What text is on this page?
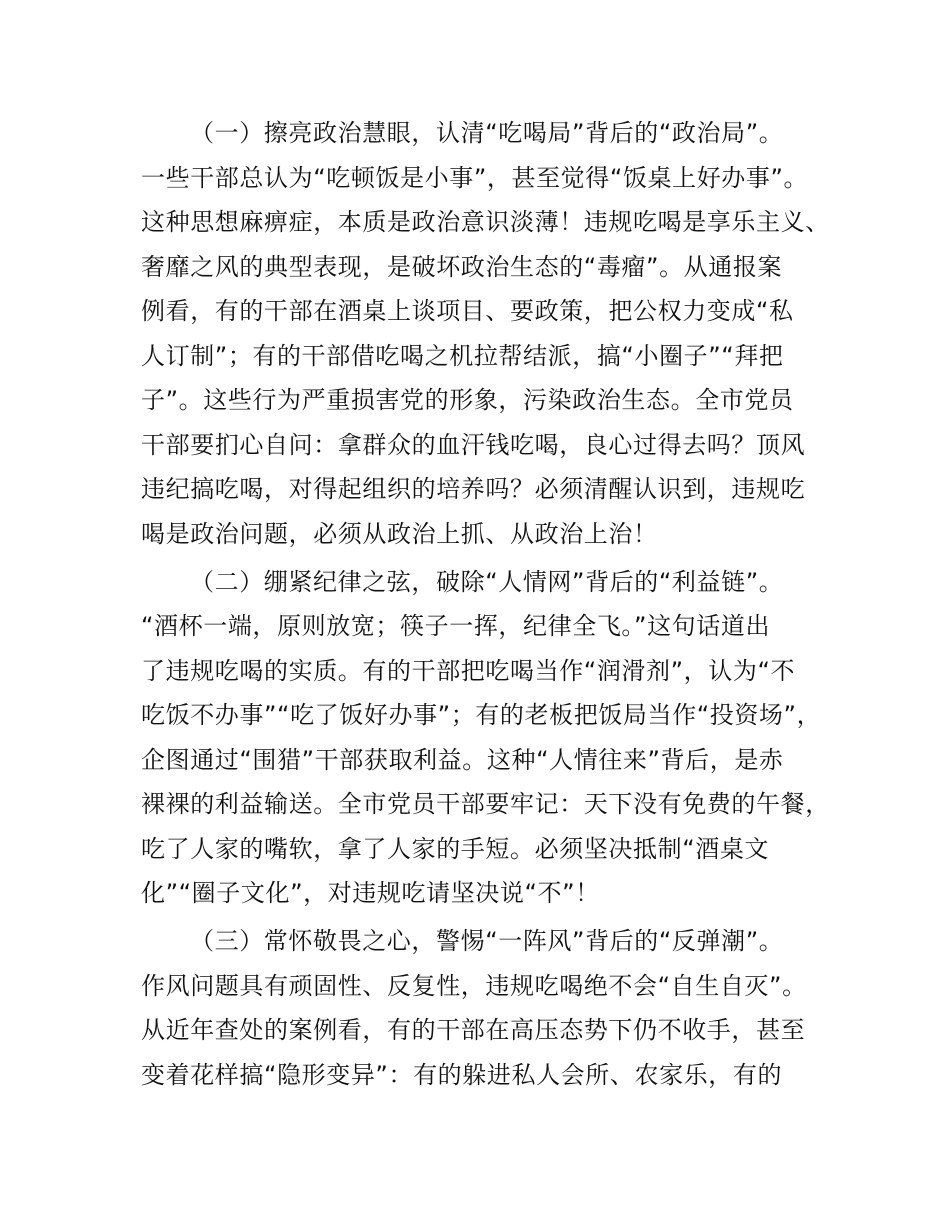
（一）擦亮政治慧眼，认清“吃喝局”背后的“政治局”。
一些干部总认为“吃顿饭是小事”，甚至觉得“饭桌上好办事”。
这种思想麻痹症，本质是政治意识淡薄！违规吃喝是享乐主义、
奢靡之风的典型表现，是破坏政治生态的“毒瘤”。从通报案
例看，有的干部在酒桌上谈项目、要政策，把公权力变成“私
人订制”；有的干部借吃喝之机拉帮结派，搞“小圈子”“拜把
子”。这些行为严重损害党的形象，污染政治生态。全市党员
干部要扪心自问：拿群众的血汗钱吃喝，良心过得去吗？顶风
违纪搞吃喝，对得起组织的培养吗？必须清醒认识到，违规吃
喝是政治问题，必须从政治上抓、从政治上治！
（二）绷紧纪律之弦，破除“人情网”背后的“利益链”。
“酒杯一端，原则放宽；筷子一挥，纪律全飞。”这句话道出
了违规吃喝的实质。有的干部把吃喝当作“润滑剂”，认为“不
吃饭不办事”“吃了饭好办事”；有的老板把饭局当作“投资场”，
企图通过“围猎”干部获取利益。这种“人情往来”背后，是赤
裸裸的利益输送。全市党员干部要牢记：天下没有免费的午餐，
吃了人家的嘴软，拿了人家的手短。必须坚决抵制“酒桌文
化”“圈子文化”，对违规吃请坚决说“不”！
（三）常怀敬畏之心，警惕“一阵风”背后的“反弹潮”。
作风问题具有顽固性、反复性，违规吃喝绝不会“自生自灭”。
从近年查处的案例看，有的干部在高压态势下仍不收手，甚至
变着花样搞“隐形变异”：有的躲进私人会所、农家乐，有的
